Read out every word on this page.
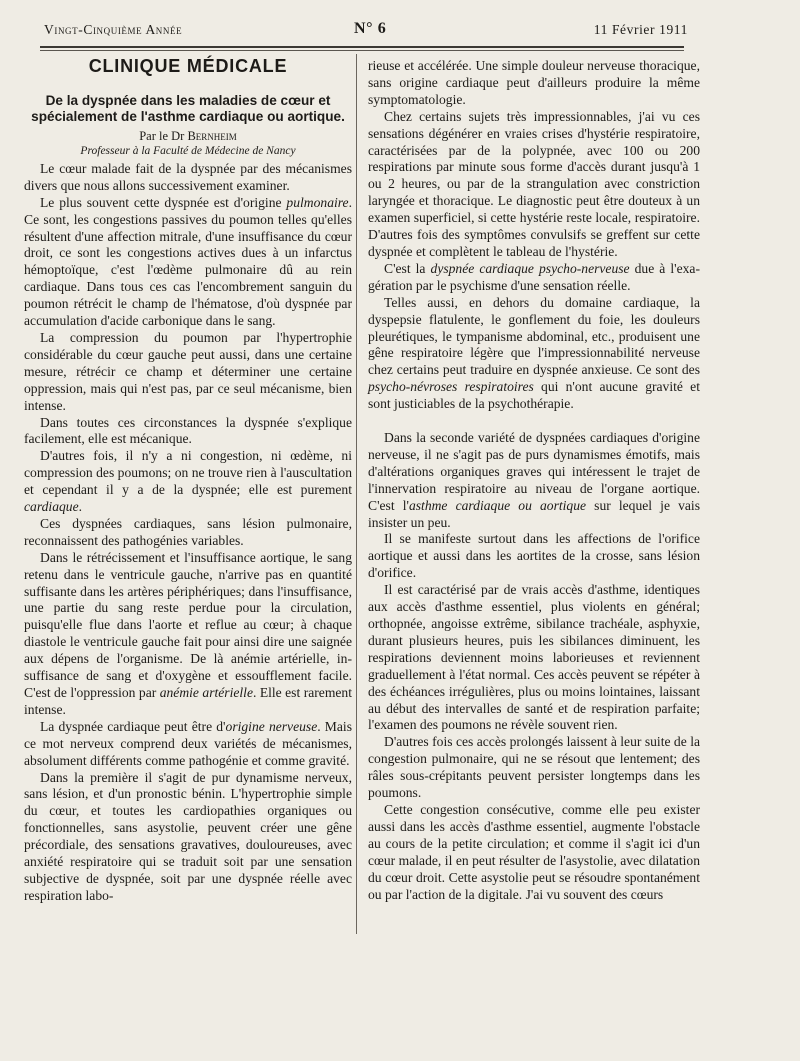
Vingt-Cinquième Année	N° 6	11 Février 1911
CLINIQUE MÉDICALE
De la dyspnée dans les maladies de cœur et spécialement de l'asthme cardiaque ou aortique.
Par le Dr Bernheim
Professeur à la Faculté de Médecine de Nancy

Le cœur malade fait de la dyspnée par des mécanismes divers que nous allons successivement examiner.

Le plus souvent cette dyspnée est d'origine pulmonaire. Ce sont, les congestions passives du poumon telles qu'elles résultent d'une affection mitrale, d'une insuffisance du cœur droit, ce sont les congestions actives dues à un infarctus hémoptoïque, c'est l'œdème pulmonaire dû au rein cardiaque. Dans tous ces cas l'encombrement sanguin du poumon rétrécit le champ de l'hématose, d'où dyspnée par accumulation d'acide carbonique dans le sang.

La compression du poumon par l'hypertrophie considérable du cœur gauche peut aussi, dans une certaine mesure, rétrécir ce champ et déterminer une certaine oppression, mais qui n'est pas, par ce seul mécanisme, bien intense.

Dans toutes ces circonstances la dyspnée s'explique facilement, elle est mécanique.

D'autres fois, il n'y a ni congestion, ni œdème, ni compression des poumons; on ne trouve rien à l'auscultation et cependant il y a de la dyspnée; elle est purement cardiaque.

Ces dyspnées cardiaques, sans lésion pulmonaire, reconnaissent des pathogénies variables.

Dans le rétrécissement et l'insuffisance aortique, le sang retenu dans le ventricule gauche, n'arrive pas en quantité suffisante dans les artères périphériques; dans l'insuffisance, une partie du sang reste perdue pour la circulation, puisqu'elle flue dans l'aorte et reflue au cœur; à chaque diastole le ventricule gauche fait pour ainsi dire une saignée aux dépens de l'organisme. De là anémie artérielle, insuffisance de sang et d'oxygène et essoufflement facile. C'est de l'oppression par anémie artérielle. Elle est rarement intense.

La dyspnée cardiaque peut être d'origine nerveuse. Mais ce mot nerveux comprend deux variétés de mécanismes, absolument différents comme pathogénie et comme gravité.

Dans la première il s'agit de pur dynamisme nerveux, sans lésion, et d'un pronostic bénin. L'hypertrophie simple du cœur, et toutes les cardiopathies organiques ou fonctionnelles, sans asystolie, peuvent créer une gêne précordiale, des sensations gravatives, douloureuses, avec anxiété respiratoire qui se traduit soit par une sensation subjective de dyspnée, soit par une dyspnée réelle avec respiration labo-

rieuse et accélérée. Une simple douleur nerveuse thoracique, sans origine cardiaque peut d'ailleurs produire la même symptomatologie.

Chez certains sujets très impressionnables, j'ai vu ces sensations dégénérer en vraies crises d'hystérie respiratoire, caractérisées par de la polypnée, avec 100 ou 200 respirations par minute sous forme d'accès durant jusqu'à 1 ou 2 heures, ou par de la strangulation avec constriction laryngée et thoracique. Le diagnostic peut être douteux à un examen superficiel, si cette hystérie reste locale, respiratoire. D'autres fois des symptômes convulsifs se greffent sur cette dyspnée et complètent le tableau de l'hystérie.

C'est la dyspnée cardiaque psycho-nerveuse due à l'exagération par le psychisme d'une sensation réelle.

Telles aussi, en dehors du domaine cardiaque, la dyspepsie flatulente, le gonflement du foie, les douleurs pleurétiques, le tympanisme abdominal, etc., produisent une gêne respiratoire légère que l'impressionnabilité nerveuse chez certains peut traduire en dyspnée anxieuse. Ce sont des psycho-névroses respiratoires qui n'ont aucune gravité et sont justiciables de la psychothérapie.

Dans la seconde variété de dyspnées cardiaques d'origine nerveuse, il ne s'agit pas de purs dynamismes émotifs, mais d'altérations organiques graves qui intéressent le trajet de l'innervation respiratoire au niveau de l'organe aortique. C'est l'asthme cardiaque ou aortique sur lequel je vais insister un peu.

Il se manifeste surtout dans les affections de l'orifice aortique et aussi dans les aortites de la crosse, sans lésion d'orifice.

Il est caractérisé par de vrais accès d'asthme, identiques aux accès d'asthme essentiel, plus violents en général; orthopnée, angoisse extrême, sibilance trachéale, asphyxie, durant plusieurs heures, puis les sibilances diminuent, les respirations deviennent moins laborieuses et reviennent graduellement à l'état normal. Ces accès peuvent se répéter à des échéances irrégulières, plus ou moins lointaines, laissant au début des intervalles de santé et de respiration parfaite; l'examen des poumons ne révèle souvent rien.

D'autres fois ces accès prolongés laissent à leur suite de la congestion pulmonaire, qui ne se résout que lentement; des râles sous-crépitants peuvent persister longtemps dans les poumons.

Cette congestion consécutive, comme elle peu exister aussi dans les accès d'asthme essentiel, augmente l'obstacle au cours de la petite circulation; et comme il s'agit ici d'un cœur malade, il en peut résulter de l'asystolie, avec dilatation du cœur droit. Cette asystolie peut se résoudre spontanément ou par l'action de la digitale. J'ai vu souvent des cœurs
